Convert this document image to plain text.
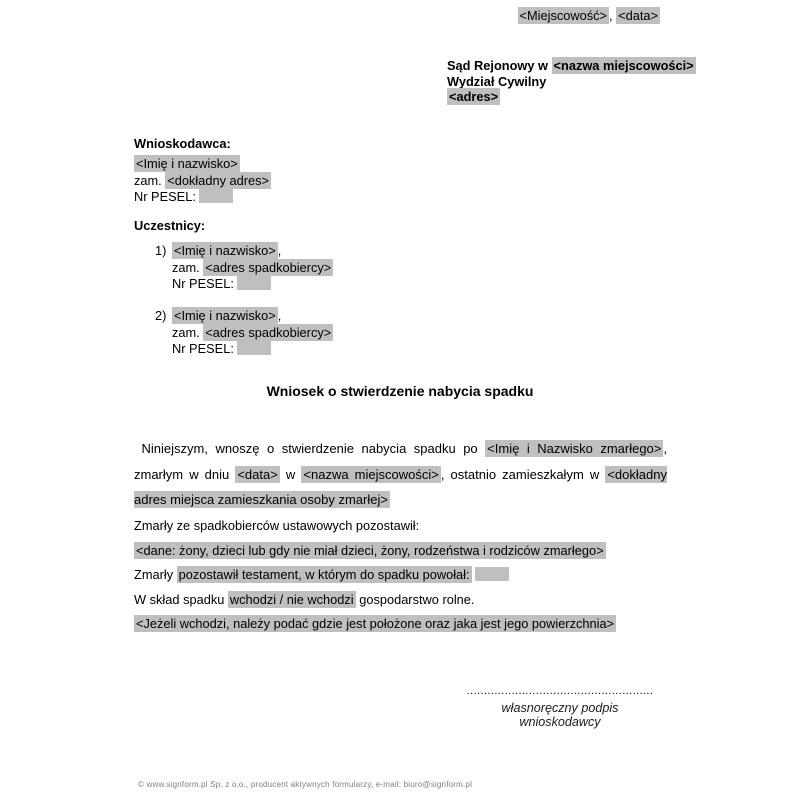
<Miejscowość> , <data>
Sąd Rejonowy w <nazwa miejscowości>
Wydział Cywilny
<adres>
Wnioskodawca:
<Imię i nazwisko>
zam. <dokładny adres>
Nr PESEL:
Uczestnicy:
1) <Imię i nazwisko> ,
zam. <adres spadkobiercy>
Nr PESEL:
2) <Imię i nazwisko> ,
zam. <adres spadkobiercy>
Nr PESEL:
Wniosek o stwierdzenie nabycia spadku
Niniejszym, wnoszę o stwierdzenie nabycia spadku po <Imię i Nazwisko zmarłego> , zmarłym w dniu <data> w <nazwa miejscowości> , ostatnio zamieszkałym w <dokładny adres miejsca zamieszkania osoby zmarłej>
Zmarły ze spadkobierców ustawowych pozostawił:
<dane: żony, dzieci lub gdy nie miał dzieci, żony, rodzeństwa i rodziców zmarłego>
Zmarły pozostawił testament, w którym do spadku powołał:
W skład spadku wchodzi / nie wchodzi gospodarstwo rolne.
<Jeżeli wchodzi, należy podać gdzie jest położone oraz jaka jest jego powierzchnia>
......................................................
własnoręczny podpis wnioskodawcy
© www.signform.pl Sp. z o.o., producent aktywnych formularzy, e-mail: biuro@signform.pl
